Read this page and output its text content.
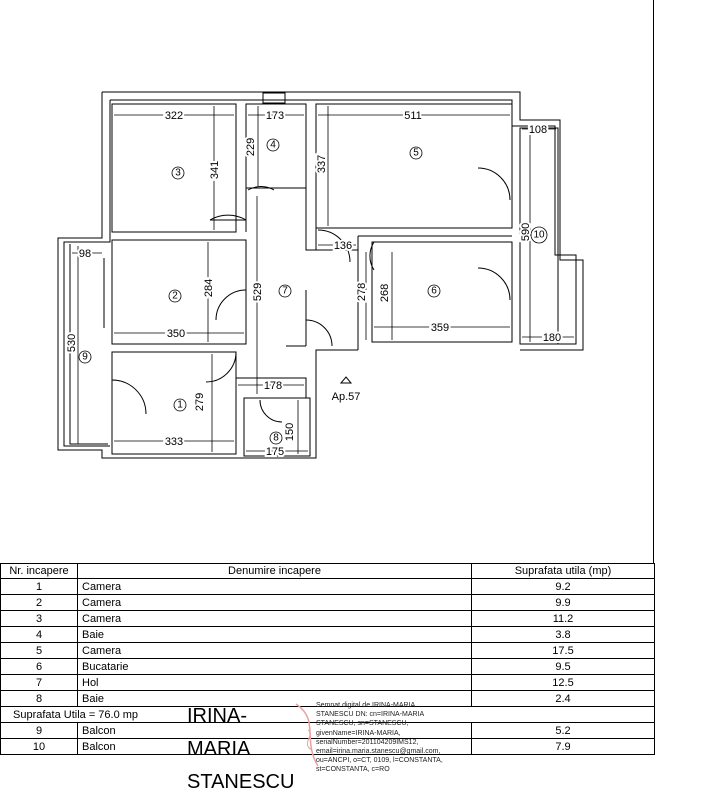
1
2
3
4
5
6
7
8
9
10
322
341
173
229
511
337
108
590
180
98
284
350
529
136
278 268
359
530
279
333
178
150
175
Ap.57
Nr. incapere	Denumire incapere	Suprafata utila (mp)
1	Camera	9.2
2	Camera	9.9
3	Camera	11.2
4	Baie	3.8
5	Camera	17.5
6	Bucatarie	9.5
7	Hol	12.5
8	Baie	2.4
Suprafata Utila = 76.0 mp		
9	Balcon	5.2
10	Balcon	7.9
IRINA-
MARIA
STANESCU
Semnat digital de IRINA-MARIA STANESCU DN: cn=IRINA-MARIA STANESCU, sn=STANESCU, givenName=IRINA-MARIA, serialNumber=201104209IMS12, email=irina.maria.stanescu@gmail.com, ou=ANCPI, o=CT, 0109, l=CONSTANTA, st=CONSTANTA, c=RO
